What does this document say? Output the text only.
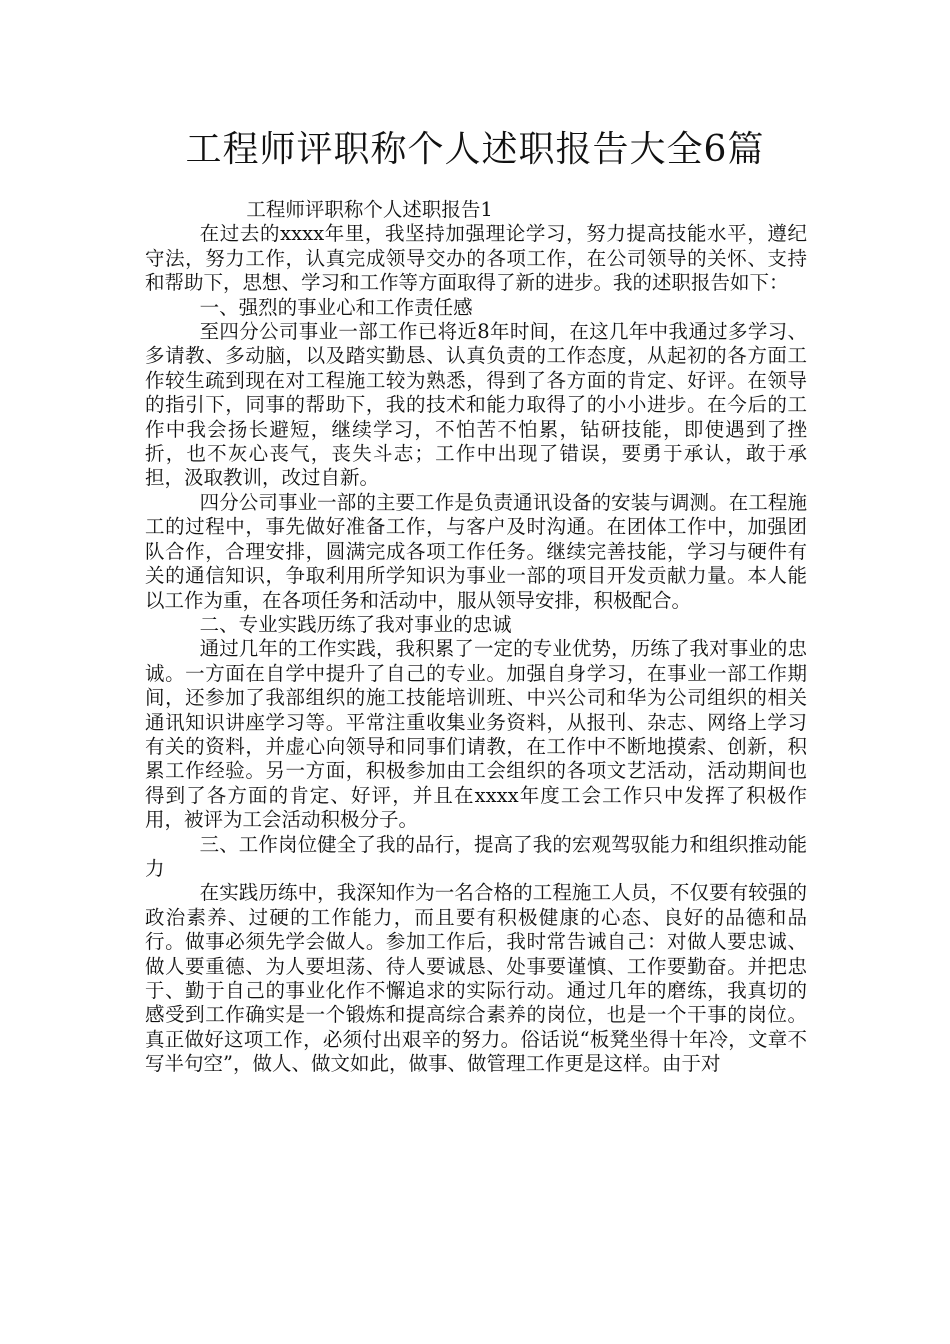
工程师评职称个人述职报告大全6篇

工程师评职称个人述职报告1

在过去的xxxx年里，我坚持加强理论学习，努力提高技能水平，遵纪守法，努力工作，认真完成领导交办的各项工作，在公司领导的关怀、支持和帮助下，思想、学习和工作等方面取得了新的进步。我的述职报告如下：

一、强烈的事业心和工作责任感

至四分公司事业一部工作已将近8年时间，在这几年中我通过多学习、多请教、多动脑，以及踏实勤恳、认真负责的工作态度，从起初的各方面工作较生疏到现在对工程施工较为熟悉，得到了各方面的肯定、好评。在领导的指引下，同事的帮助下，我的技术和能力取得了的小小进步。在今后的工作中我会扬长避短，继续学习，不怕苦不怕累，钻研技能，即使遇到了挫折，也不灰心丧气，丧失斗志；工作中出现了错误，要勇于承认，敢于承担，汲取教训，改过自新。

四分公司事业一部的主要工作是负责通讯设备的安装与调测。在工程施工的过程中，事先做好准备工作，与客户及时沟通。在团体工作中，加强团队合作，合理安排，圆满完成各项工作任务。继续完善技能，学习与硬件有关的通信知识，争取利用所学知识为事业一部的项目开发贡献力量。本人能以工作为重，在各项任务和活动中，服从领导安排，积极配合。

二、专业实践历练了我对事业的忠诚

通过几年的工作实践，我积累了一定的专业优势，历练了我对事业的忠诚。一方面在自学中提升了自己的专业。加强自身学习，在事业一部工作期间，还参加了我部组织的施工技能培训班、中兴公司和华为公司组织的相关通讯知识讲座学习等。平常注重收集业务资料，从报刊、杂志、网络上学习有关的资料，并虚心向领导和同事们请教，在工作中不断地摸索、创新，积累工作经验。另一方面，积极参加由工会组织的各项文艺活动，活动期间也得到了各方面的肯定、好评，并且在xxxx年度工会工作只中发挥了积极作用，被评为工会活动积极分子。

三、工作岗位健全了我的品行，提高了我的宏观驾驭能力和组织推动能力

在实践历练中，我深知作为一名合格的工程施工人员，不仅要有较强的政治素养、过硬的工作能力，而且要有积极健康的心态、良好的品德和品行。做事必须先学会做人。参加工作后，我时常告诫自己：对做人要忠诚、做人要重德、为人要坦荡、待人要诚恳、处事要谨慎、工作要勤奋。并把忠于、勤于自己的事业化作不懈追求的实际行动。通过几年的磨练，我真切的感受到工作确实是一个锻炼和提高综合素养的岗位，也是一个干事的岗位。真正做好这项工作，必须付出艰辛的努力。俗话说“板凳坐得十年冷，文章不写半句空”，做人、做文如此，做事、做管理工作更是这样。由于对
